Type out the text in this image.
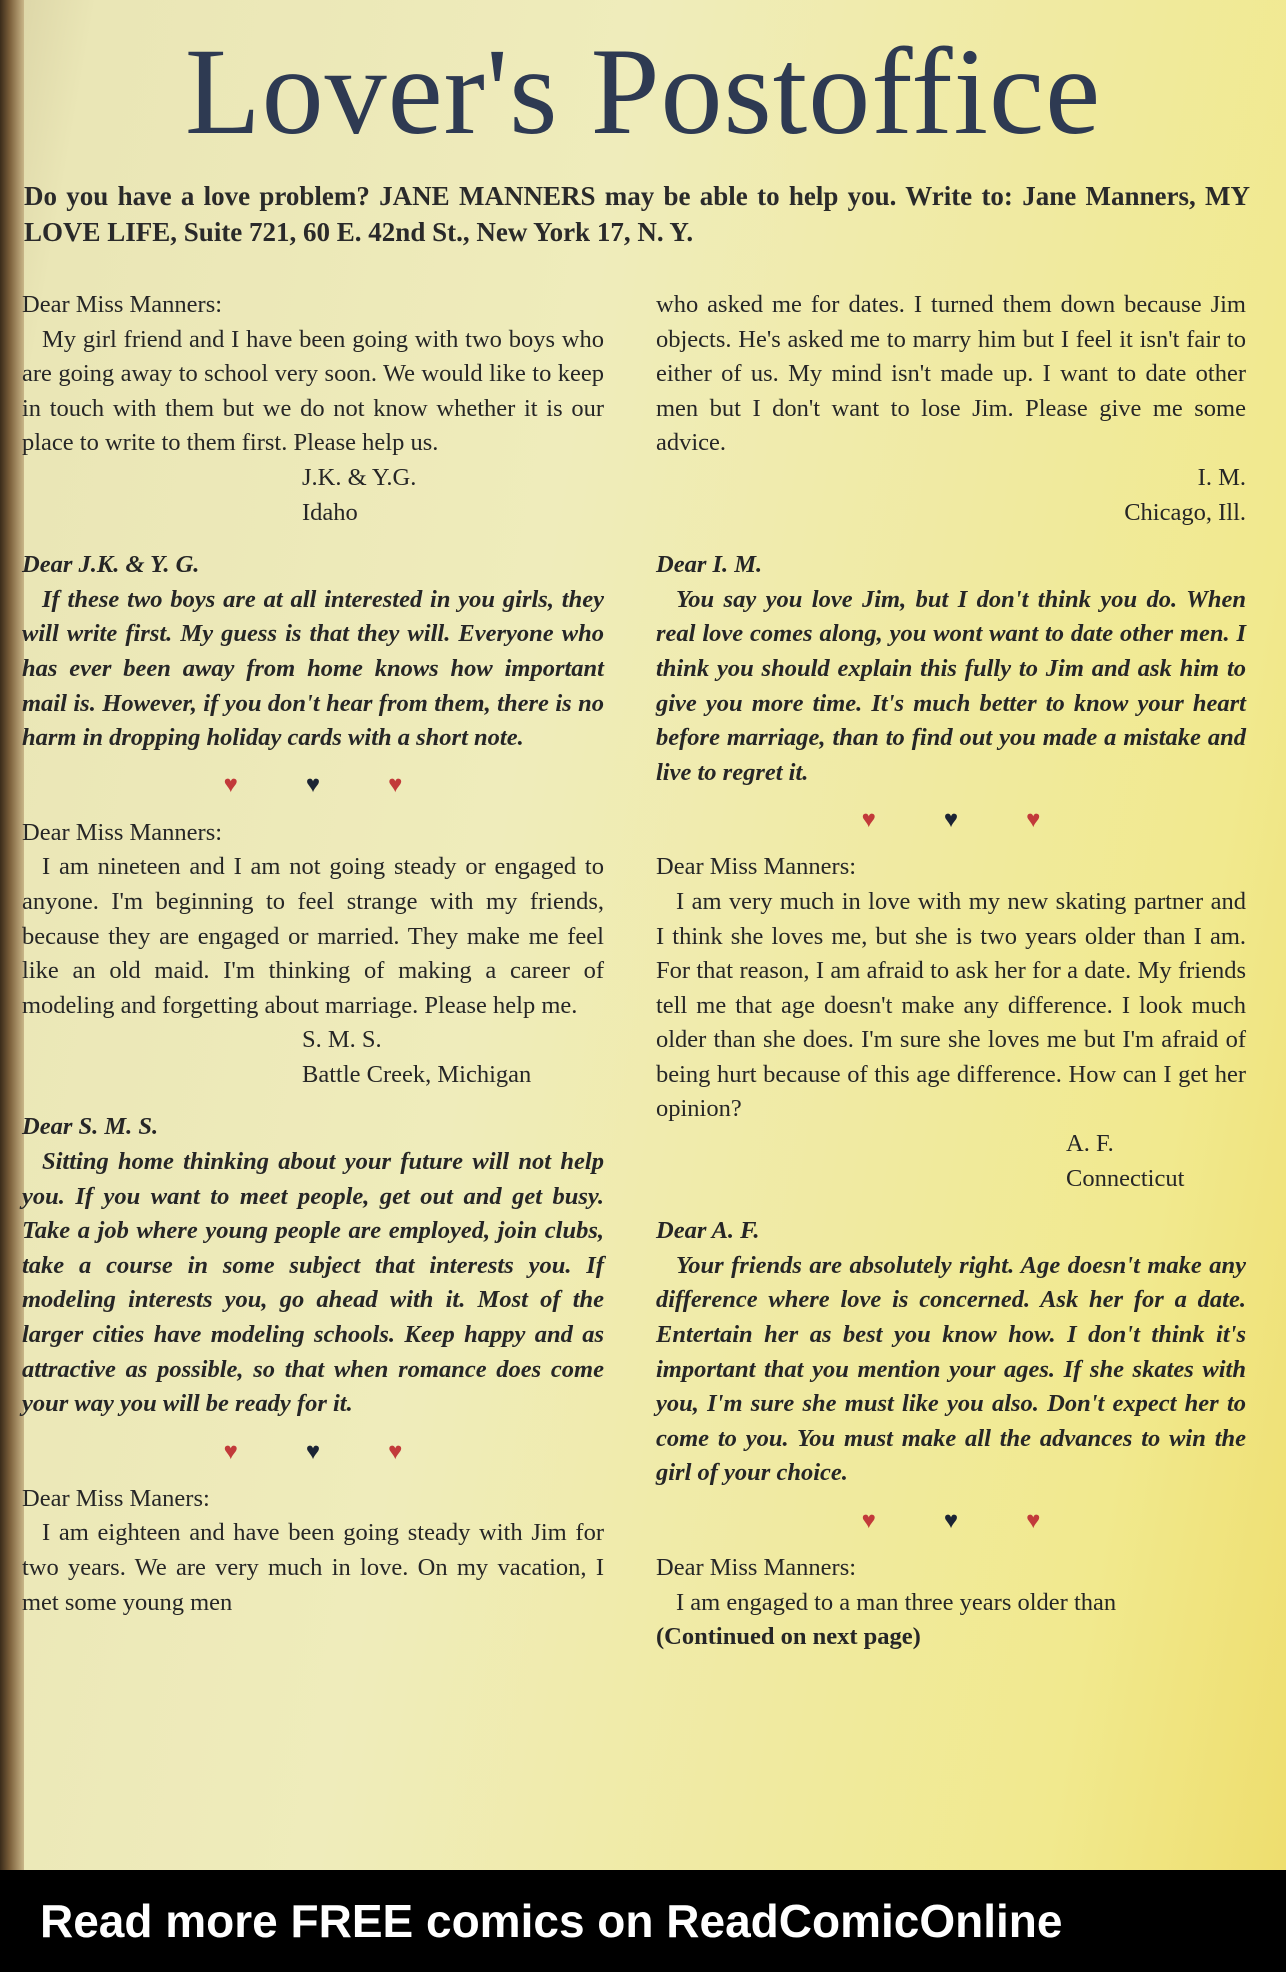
Lover's Postoffice

Do you have a love problem? JANE MANNERS may be able to help you. Write to: Jane Manners, MY LOVE LIFE, Suite 721, 60 E. 42nd St., New York 17, N. Y.

Dear Miss Manners:

My girl friend and I have been going with two boys who are going away to school very soon. We would like to keep in touch with them but we do not know whether it is our place to write to them first. Please help us.

J.K. & Y.G.

Idaho

Dear J.K. & Y. G.

If these two boys are at all interested in you girls, they will write first. My guess is that they will. Everyone who has ever been away from home knows how important mail is. However, if you don't hear from them, there is no harm in dropping holiday cards with a short note.

♥	♥	♥

Dear Miss Manners:

I am nineteen and I am not going steady or engaged to anyone. I'm beginning to feel strange with my friends, because they are engaged or married. They make me feel like an old maid. I'm thinking of making a career of modeling and forgetting about marriage. Please help me.

S. M. S.

Battle Creek, Michigan

Dear S. M. S.

Sitting home thinking about your future will not help you. If you want to meet people, get out and get busy. Take a job where young people are employed, join clubs, take a course in some subject that interests you. If modeling interests you, go ahead with it. Most of the larger cities have modeling schools. Keep happy and as attractive as possible, so that when romance does come your way you will be ready for it.

♥	♥	♥

Dear Miss Maners:

I am eighteen and have been going steady with Jim for two years. We are very much in love. On my vacation, I met some young men

who asked me for dates. I turned them down because Jim objects. He's asked me to marry him but I feel it isn't fair to either of us. My mind isn't made up. I want to date other men but I don't want to lose Jim. Please give me some advice.

I. M.

Chicago, Ill.

Dear I. M.

You say you love Jim, but I don't think you do. When real love comes along, you wont want to date other men. I think you should explain this fully to Jim and ask him to give you more time. It's much better to know your heart before marriage, than to find out you made a mistake and live to regret it.

♥	♥	♥

Dear Miss Manners:

I am very much in love with my new skating partner and I think she loves me, but she is two years older than I am. For that reason, I am afraid to ask her for a date. My friends tell me that age doesn't make any difference. I look much older than she does. I'm sure she loves me but I'm afraid of being hurt because of this age difference. How can I get her opinion?

A. F.

Connecticut

Dear A. F.

Your friends are absolutely right. Age doesn't make any difference where love is concerned. Ask her for a date. Entertain her as best you know how. I don't think it's important that you mention your ages. If she skates with you, I'm sure she must like you also. Don't expect her to come to you. You must make all the advances to win the girl of your choice.

♥	♥	♥

Dear Miss Manners:

I am engaged to a man three years older than

(Continued on next page)

Read more FREE comics on ReadComicOnline
